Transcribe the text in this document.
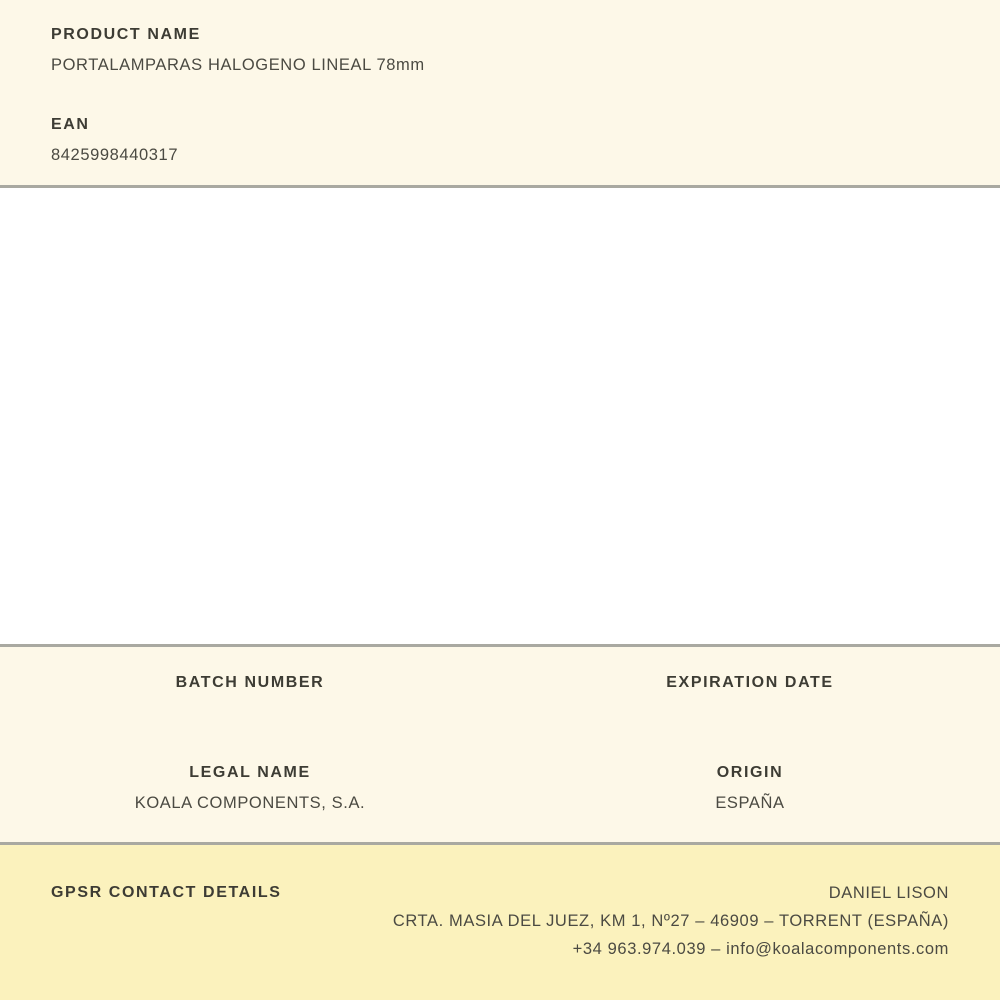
PRODUCT NAME
PORTALAMPARAS HALOGENO LINEAL 78mm
EAN
8425998440317
BATCH NUMBER	EXPIRATION DATE
LEGAL NAME
KOALA COMPONENTS, S.A.
ORIGIN
ESPAÑA
GPSR CONTACT DETAILS	DANIEL LISON
CRTA. MASIA DEL JUEZ, KM 1, Nº27 – 46909 – TORRENT (ESPAÑA)
+34 963.974.039 – info@koalacomponents.com
